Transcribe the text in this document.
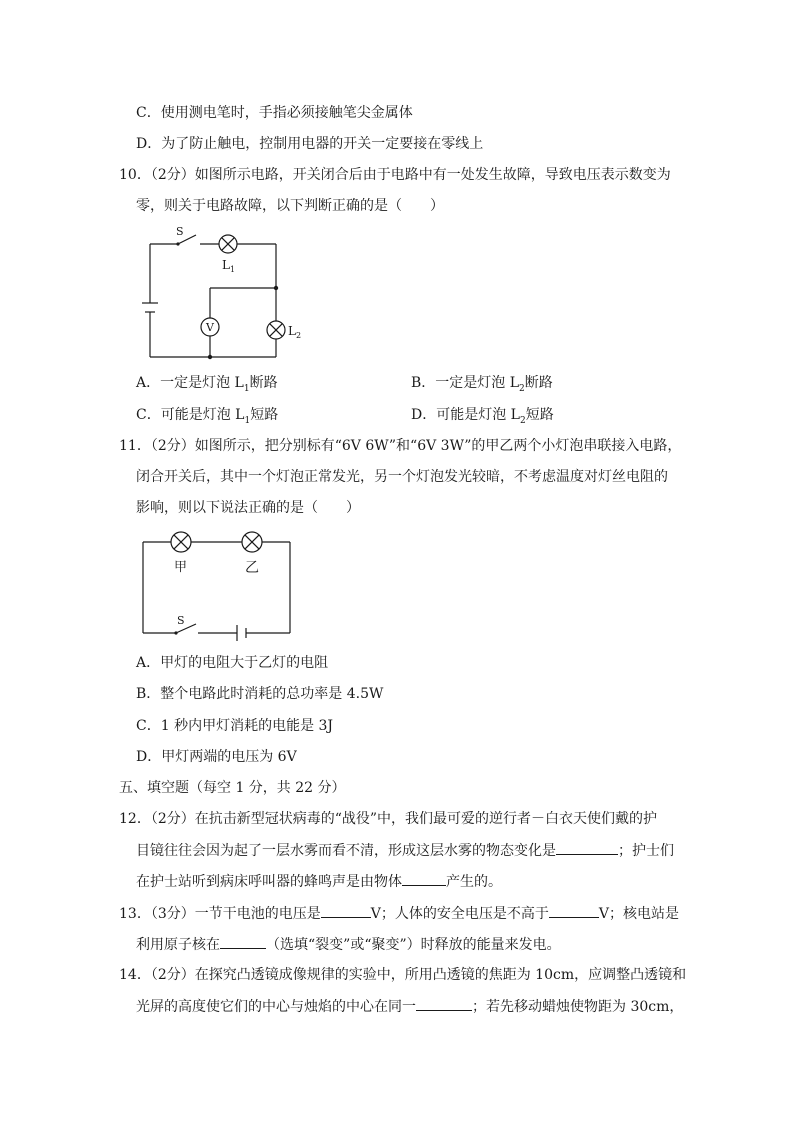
C．使用测电笔时，手指必须接触笔尖金属体
D．为了防止触电，控制用电器的开关一定要接在零线上
10．（2分）如图所示电路，开关闭合后由于电路中有一处发生故障，导致电压表示数变为
零，则关于电路故障，以下判断正确的是（　　）
S
$L_1$
$L_2$
V
A．一定是灯泡 $L_1$断路	B．一定是灯泡 $L_2$断路
C．可能是灯泡 $L_1$短路	D．可能是灯泡 $L_2$短路
11．（2分）如图所示，把分别标有“6V 6W”和“6V 3W”的甲乙两个小灯泡串联接入电路，
闭合开关后，其中一个灯泡正常发光，另一个灯泡发光较暗，不考虑温度对灯丝电阻的
影响，则以下说法正确的是（　　）
甲	乙
S
A．甲灯的电阻大于乙灯的电阻
B．整个电路此时消耗的总功率是 4.5W
C．1 秒内甲灯消耗的电能是 3J
D．甲灯两端的电压为 6V
五、填空题（每空 1 分，共 22 分）
12．（2分）在抗击新型冠状病毒的“战役”中，我们最可爱的逆行者－白衣天使们戴的护
目镜往往会因为起了一层水雾而看不清，形成这层水雾的物态变化是	；护士们
在护士站听到病床呼叫器的蜂鸣声是由物体	产生的。
13．（3分）一节干电池的电压是	V；人体的安全电压是不高于	V；核电站是
利用原子核在	（选填“裂变”或“聚变”）时释放的能量来发电。
14．（2分）在探究凸透镜成像规律的实验中，所用凸透镜的焦距为 10cm，应调整凸透镜和
光屏的高度使它们的中心与烛焰的中心在同一	；若先移动蜡烛使物距为 30cm，
